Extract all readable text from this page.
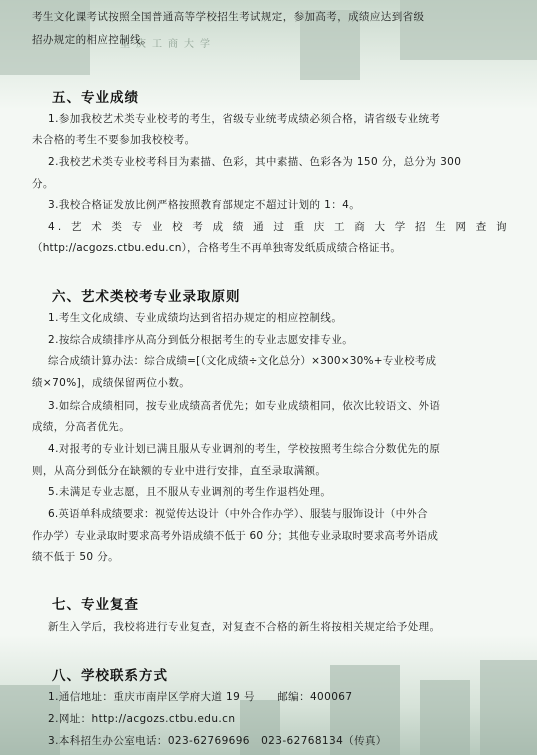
重庆工商大学
考生文化课考试按照全国普通高等学校招生考试规定，参加高考，成绩应达到省级
招办规定的相应控制线。
五、专业成绩
1.参加我校艺术类专业校考的考生，省级专业统考成绩必须合格，请省级专业统考
未合格的考生不要参加我校校考。
2.我校艺术类专业校考科目为素描、色彩，其中素描、色彩各为 150 分，总分为 300
分。
3.我校合格证发放比例严格按照教育部规定不超过计划的 1：4。
4. 艺 术 类 专 业 校 考 成 绩 通 过 重 庆 工 商 大 学 招 生 网 查 询
（http://acgozs.ctbu.edu.cn），合格考生不再单独寄发纸质成绩合格证书。
六、艺术类校考专业录取原则
1.考生文化成绩、专业成绩均达到省招办规定的相应控制线。
2.按综合成绩排序从高分到低分根据考生的专业志愿安排专业。
综合成绩计算办法：综合成绩=[（文化成绩÷文化总分）×300×30%+专业校考成
绩×70%]，成绩保留两位小数。
3.如综合成绩相同，按专业成绩高者优先；如专业成绩相同，依次比较语文、外语
成绩，分高者优先。
4.对报考的专业计划已满且服从专业调剂的考生，学校按照考生综合分数优先的原
则，从高分到低分在缺额的专业中进行安排，直至录取满额。
5.未满足专业志愿，且不服从专业调剂的考生作退档处理。
6.英语单科成绩要求：视觉传达设计（中外合作办学）、服装与服饰设计（中外合
作办学）专业录取时要求高考外语成绩不低于 60 分；其他专业录取时要求高考外语成
绩不低于 50 分。
七、专业复查
新生入学后，我校将进行专业复查，对复查不合格的新生将按相关规定给予处理。
八、学校联系方式
1.通信地址：重庆市南岸区学府大道 19 号      邮编：400067
2.网址：http://acgozs.ctbu.edu.cn
3.本科招生办公室电话：023-62769696   023-62768134（传真）
